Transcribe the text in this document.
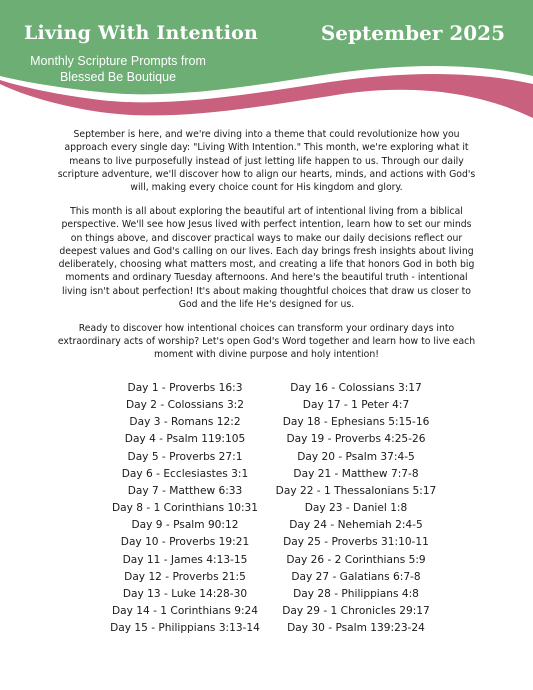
Living With Intention
Monthly Scripture Prompts from Blessed Be Boutique
September 2025

September is here, and we're diving into a theme that could revolutionize how you approach every single day: "Living With Intention." This month, we're exploring what it means to live purposefully instead of just letting life happen to us. Through our daily scripture adventure, we'll discover how to align our hearts, minds, and actions with God's will, making every choice count for His kingdom and glory.

This month is all about exploring the beautiful art of intentional living from a biblical perspective. We'll see how Jesus lived with perfect intention, learn how to set our minds on things above, and discover practical ways to make our daily decisions reflect our deepest values and God's calling on our lives. Each day brings fresh insights about living deliberately, choosing what matters most, and creating a life that honors God in both big moments and ordinary Tuesday afternoons. And here's the beautiful truth - intentional living isn't about perfection! It's about making thoughtful choices that draw us closer to God and the life He's designed for us.

Ready to discover how intentional choices can transform your ordinary days into extraordinary acts of worship? Let's open God's Word together and learn how to live each moment with divine purpose and holy intention!

Day 1 - Proverbs 16:3
Day 2 - Colossians 3:2
Day 3 - Romans 12:2
Day 4 - Psalm 119:105
Day 5 - Proverbs 27:1
Day 6 - Ecclesiastes 3:1
Day 7 - Matthew 6:33
Day 8 - 1 Corinthians 10:31
Day 9 - Psalm 90:12
Day 10 - Proverbs 19:21
Day 11 - James 4:13-15
Day 12 - Proverbs 21:5
Day 13 - Luke 14:28-30
Day 14 - 1 Corinthians 9:24
Day 15 - Philippians 3:13-14
Day 16 - Colossians 3:17
Day 17 - 1 Peter 4:7
Day 18 - Ephesians 5:15-16
Day 19 - Proverbs 4:25-26
Day 20 - Psalm 37:4-5
Day 21 - Matthew 7:7-8
Day 22 - 1 Thessalonians 5:17
Day 23 - Daniel 1:8
Day 24 - Nehemiah 2:4-5
Day 25 - Proverbs 31:10-11
Day 26 - 2 Corinthians 5:9
Day 27 - Galatians 6:7-8
Day 28 - Philippians 4:8
Day 29 - 1 Chronicles 29:17
Day 30 - Psalm 139:23-24
